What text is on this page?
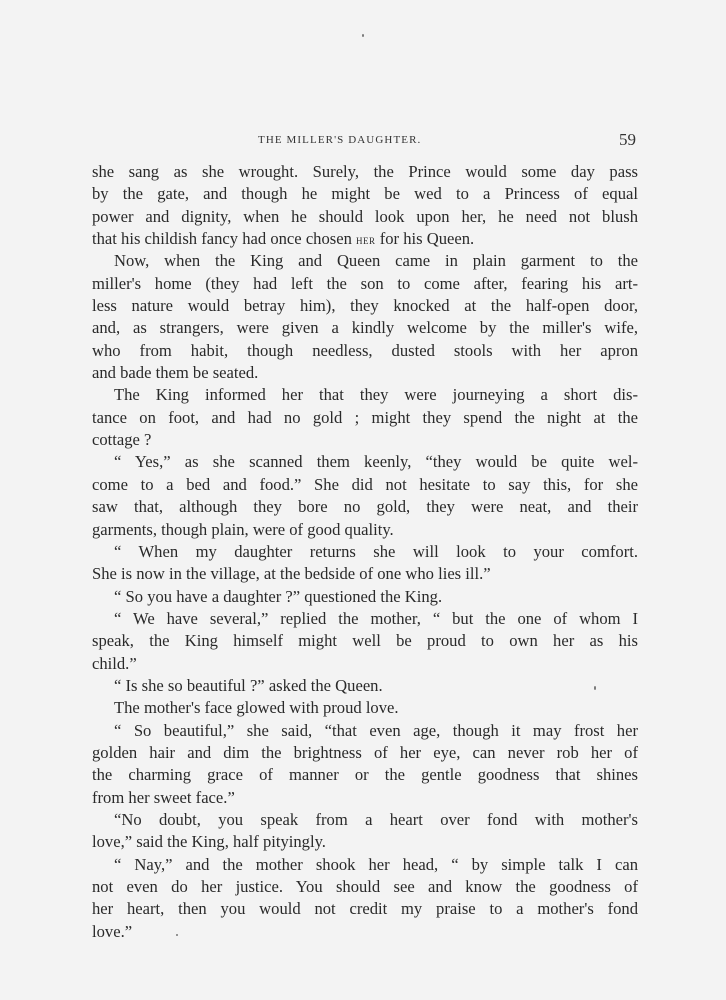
THE MILLER'S DAUGHTER.	59
she sang as she wrought. Surely, the Prince would some day pass
by the gate, and though he might be wed to a Princess of equal
power and dignity, when he should look upon her, he need not blush
that his childish fancy had once chosen her for his Queen.
Now, when the King and Queen came in plain garment to the
miller's home (they had left the son to come after, fearing his art-
less nature would betray him), they knocked at the half-open door,
and, as strangers, were given a kindly welcome by the miller's wife,
who from habit, though needless, dusted stools with her apron
and bade them be seated.
The King informed her that they were journeying a short dis-
tance on foot, and had no gold ; might they spend the night at the
cottage ?
“ Yes,” as she scanned them keenly, “they would be quite wel-
come to a bed and food.” She did not hesitate to say this, for she
saw that, although they bore no gold, they were neat, and their
garments, though plain, were of good quality.
“ When my daughter returns she will look to your comfort.
She is now in the village, at the bedside of one who lies ill.”
“ So you have a daughter ?” questioned the King.
“ We have several,” replied the mother, “ but the one of whom I
speak, the King himself might well be proud to own her as his
child.”
“ Is she so beautiful ?” asked the Queen.
The mother's face glowed with proud love.
“ So beautiful,” she said, “that even age, though it may frost her
golden hair and dim the brightness of her eye, can never rob her of
the charming grace of manner or the gentle goodness that shines
from her sweet face.”
“No doubt, you speak from a heart over fond with mother's
love,” said the King, half pityingly.
“ Nay,” and the mother shook her head, “ by simple talk I can
not even do her justice. You should see and know the goodness of
her heart, then you would not credit my praise to a mother's fond
love.”
